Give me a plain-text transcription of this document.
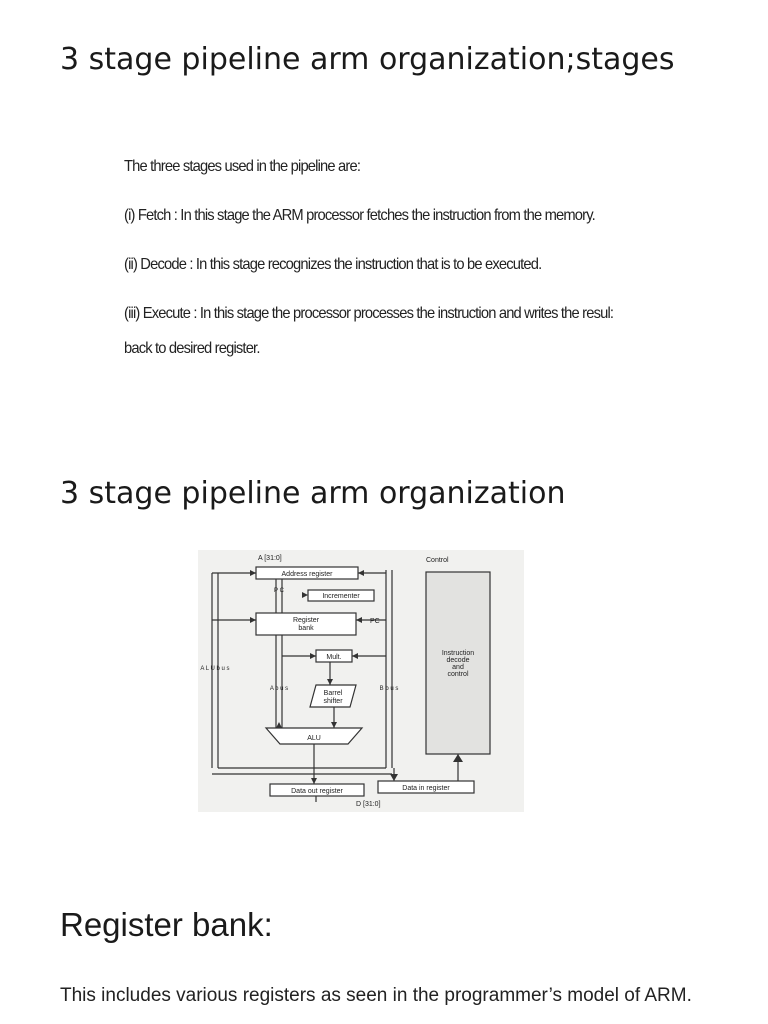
3 stage pipeline arm organization;stages
The three stages used in the pipeline are:
(i) Fetch : In this stage the ARM processor fetches the instruction from the memory.
(ii) Decode : In this stage recognizes the instruction that is to be executed.
(iii) Execute : In this stage the processor processes the instruction and writes the resul:
back to desired register.
3 stage pipeline arm organization
A [31:0]	Control
Address register
Incrementer
P C
Register
bank
PC
Mult.
Instruction
decode
and
control
A L U b u s
A b u s	B b u s
Barrel
shifter
ALU
Data out register	Data in register
D [31:0]
Register bank:

This includes various registers as seen in the programmer’s model of ARM.
